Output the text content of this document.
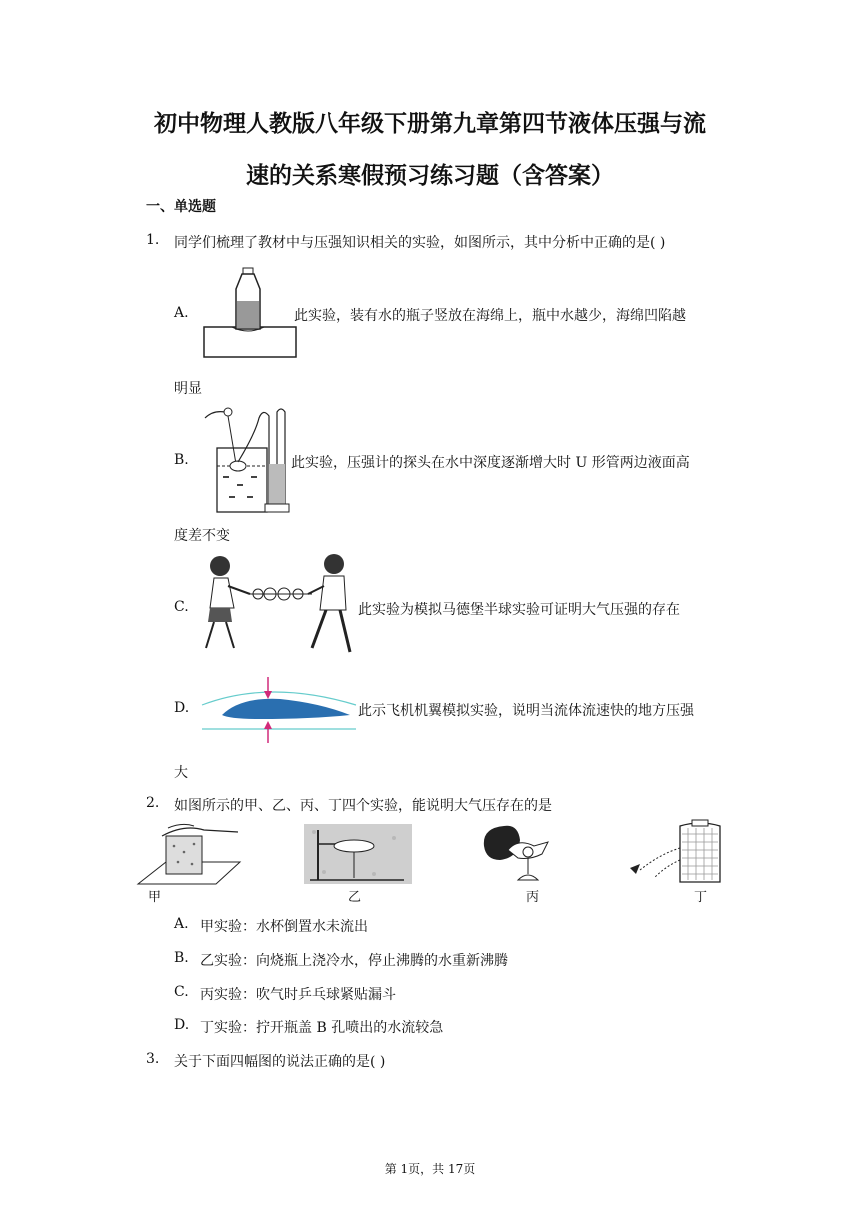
初中物理人教版八年级下册第九章第四节液体压强与流
速的关系寒假预习练习题（含答案）
一、单选题
1. 同学们梳理了教材中与压强知识相关的实验，如图所示，其中分析中正确的是( )
A.	此实验，装有水的瓶子竖放在海绵上，瓶中水越少，海绵凹陷越
明显
B.	此实验，压强计的探头在水中深度逐渐增大时 U 形管两边液面高
度差不变
C.	此实验为模拟马德堡半球实验可证明大气压强的存在
D.	此示飞机机翼模拟实验，说明当流体流速快的地方压强
大
2. 如图所示的甲、乙、丙、丁四个实验，能说明大气压存在的是
甲	乙	丙	丁
A. 甲实验：水杯倒置水未流出
B. 乙实验：向烧瓶上浇冷水，停止沸腾的水重新沸腾
C. 丙实验：吹气时乒乓球紧贴漏斗
D. 丁实验：拧开瓶盖 B 孔喷出的水流较急
3. 关于下面四幅图的说法正确的是( )
第 1页，共 17页
